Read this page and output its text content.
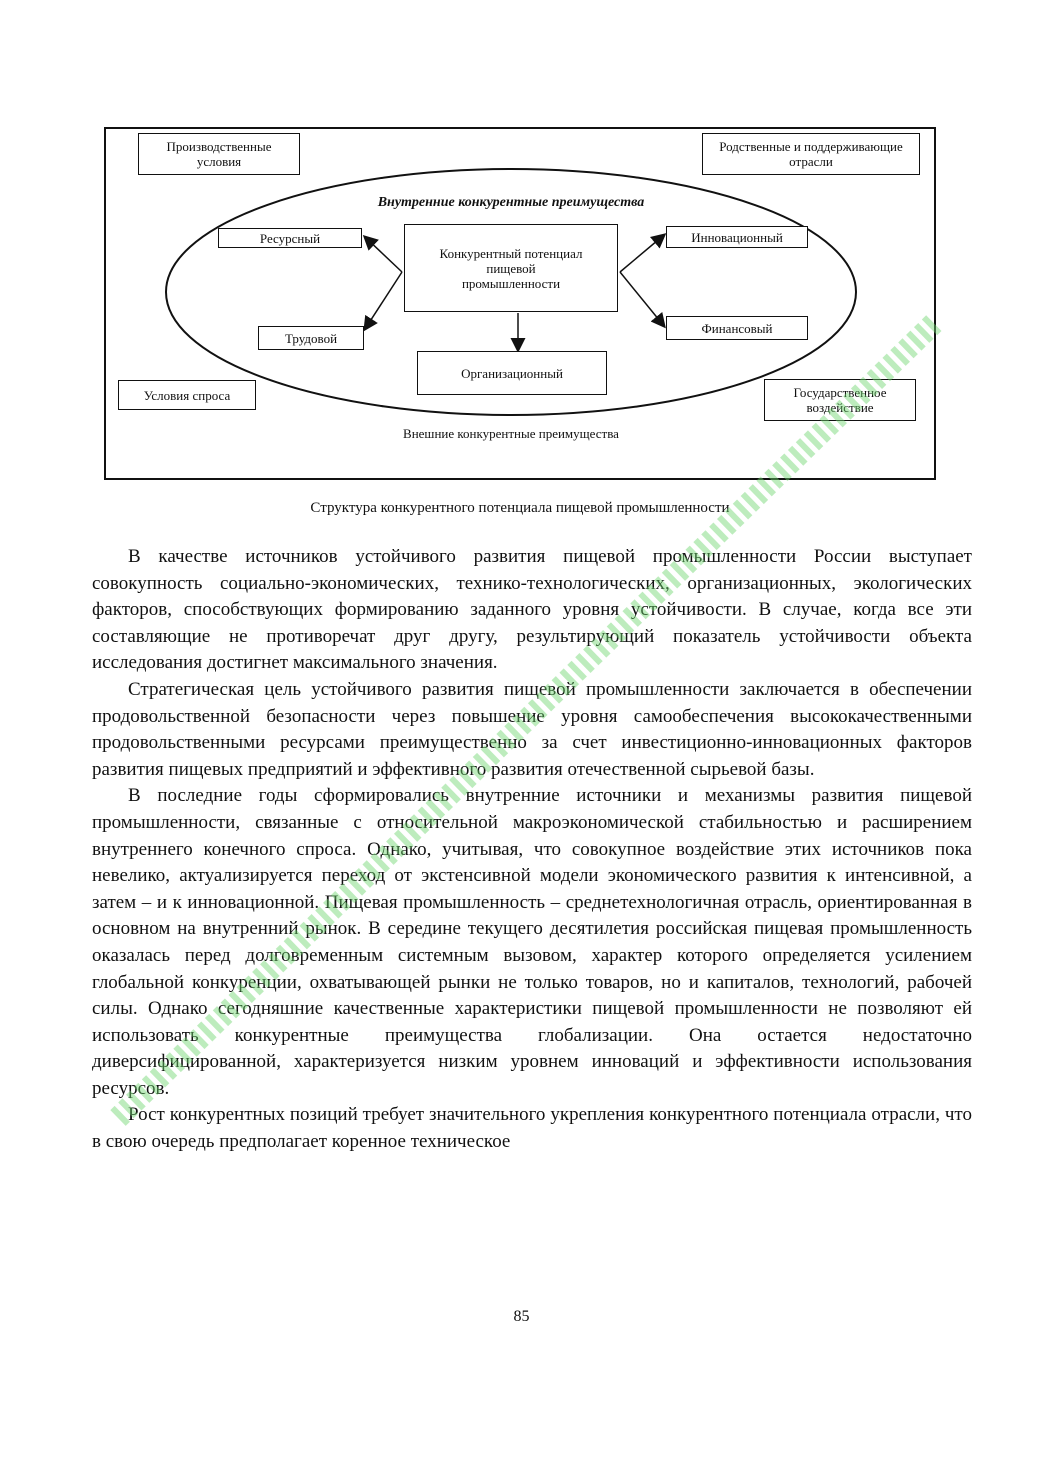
Производственные условия
Родственные и поддерживающие отрасли
Внутренние конкурентные преимущества
Ресурсный
Конкурентный потенциал пищевой промышленности
Инновационный
Трудовой
Финансовый
Организационный
Условия спроса	Государственное воздействие
Внешние конкурентные преимущества
Структура конкурентного потенциала пищевой промышленности

В качестве источников устойчивого развития пищевой промышленности России выступает совокупность социально-экономических, технико-технологических, организационных, экологических факторов, способствующих формированию заданного уровня устойчивости. В случае, когда все эти составляющие не противоречат друг другу, результирующий показатель устойчивости объекта исследования достигнет максимального значения.

Стратегическая цель устойчивого развития пищевой промышленности заключается в обеспечении продовольственной безопасности через повышение уровня самообеспечения высококачественными продовольственными ресурсами преимущественно за счет инвестиционно-инновационных факторов развития пищевых предприятий и эффективного развития отечественной сырьевой базы.

В последние годы сформировались внутренние источники и механизмы развития пищевой промышленности, связанные с относительной макроэкономической стабильностью и расширением внутреннего конечного спроса. Однако, учитывая, что совокупное воздействие этих источников пока невелико, актуализируется переход от экстенсивной модели экономического развития к интенсивной, а затем – и к инновационной. Пищевая промышленность – среднетехнологичная отрасль, ориентированная в основном на внутренний рынок. В середине текущего десятилетия российская пищевая промышленность оказалась перед долговременным системным вызовом, характер которого определяется усилением глобальной конкуренции, охватывающей рынки не только товаров, но и капиталов, технологий, рабочей силы. Однако сегодняшние качественные характеристики пищевой промышленности не позволяют ей использовать конкурентные преимущества глобализации. Она остается недостаточно диверсифицированной, характеризуется низким уровнем инноваций и эффективности использования ресурсов.

Рост конкурентных позиций требует значительного укрепления конкурентного потенциала отрасли, что в свою очередь предполагает коренное техническое

85
